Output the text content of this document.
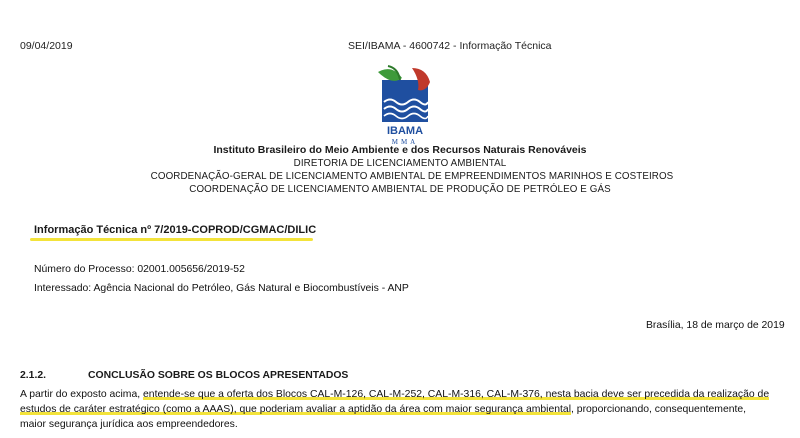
09/04/2019	SEI/IBAMA - 4600742 - Informação Técnica
IBAMA
MMA
Instituto Brasileiro do Meio Ambiente e dos Recursos Naturais Renováveis
DIRETORIA DE LICENCIAMENTO AMBIENTAL
COORDENAÇÃO-GERAL DE LICENCIAMENTO AMBIENTAL DE EMPREENDIMENTOS MARINHOS E COSTEIROS
COORDENAÇÃO DE LICENCIAMENTO AMBIENTAL DE PRODUÇÃO DE PETRÓLEO E GÁS
Informação Técnica nº 7/2019-COPROD/CGMAC/DILIC
Número do Processo: 02001.005656/2019-52
Interessado: Agência Nacional do Petróleo, Gás Natural e Biocombustíveis - ANP
Brasília, 18 de março de 2019
2.1.2.	CONCLUSÃO SOBRE OS BLOCOS APRESENTADOS
A partir do exposto acima, entende-se que a oferta dos Blocos CAL-M-126, CAL-M-252, CAL-M-316, CAL-M-376, nesta bacia deve ser precedida da realização de
estudos de caráter estratégico (como a AAAS), que poderiam avaliar a aptidão da área com maior segurança ambiental, proporcionando, consequentemente,
maior segurança jurídica aos empreendedores.
